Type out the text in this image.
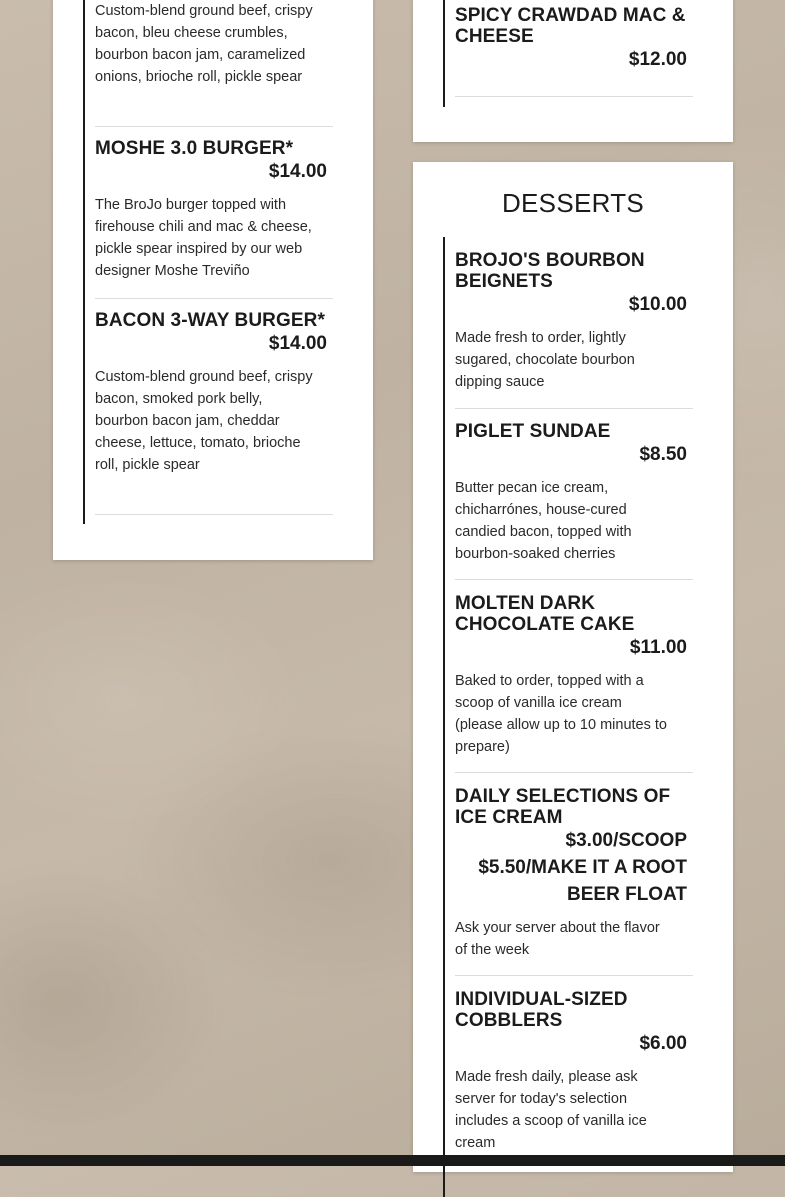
Custom-blend ground beef, crispy bacon, bleu cheese crumbles, bourbon bacon jam, caramelized onions, brioche roll, pickle spear

MOSHE 3.0 BURGER*
$14.00

The BroJo burger topped with firehouse chili and mac & cheese, pickle spear inspired by our web designer Moshe Treviño

BACON 3-WAY BURGER*
$14.00

Custom-blend ground beef, crispy bacon, smoked pork belly, bourbon bacon jam, cheddar cheese, lettuce, tomato, brioche roll, pickle spear

SPICY CRAWDAD MAC & CHEESE
$12.00
DESSERTS
BROJO'S BOURBON BEIGNETS
$10.00

Made fresh to order, lightly sugared, chocolate bourbon dipping sauce

PIGLET SUNDAE
$8.50

Butter pecan ice cream, chicharrónes, house-cured candied bacon, topped with bourbon-soaked cherries

MOLTEN DARK CHOCOLATE CAKE
$11.00

Baked to order, topped with a scoop of vanilla ice cream (please allow up to 10 minutes to prepare)

DAILY SELECTIONS OF ICE CREAM
$3.00/SCOOP
$5.50/MAKE IT A ROOT
BEER FLOAT

Ask your server about the flavor of the week

INDIVIDUAL-SIZED COBBLERS
$6.00

Made fresh daily, please ask server for today's selection includes a scoop of vanilla ice cream
